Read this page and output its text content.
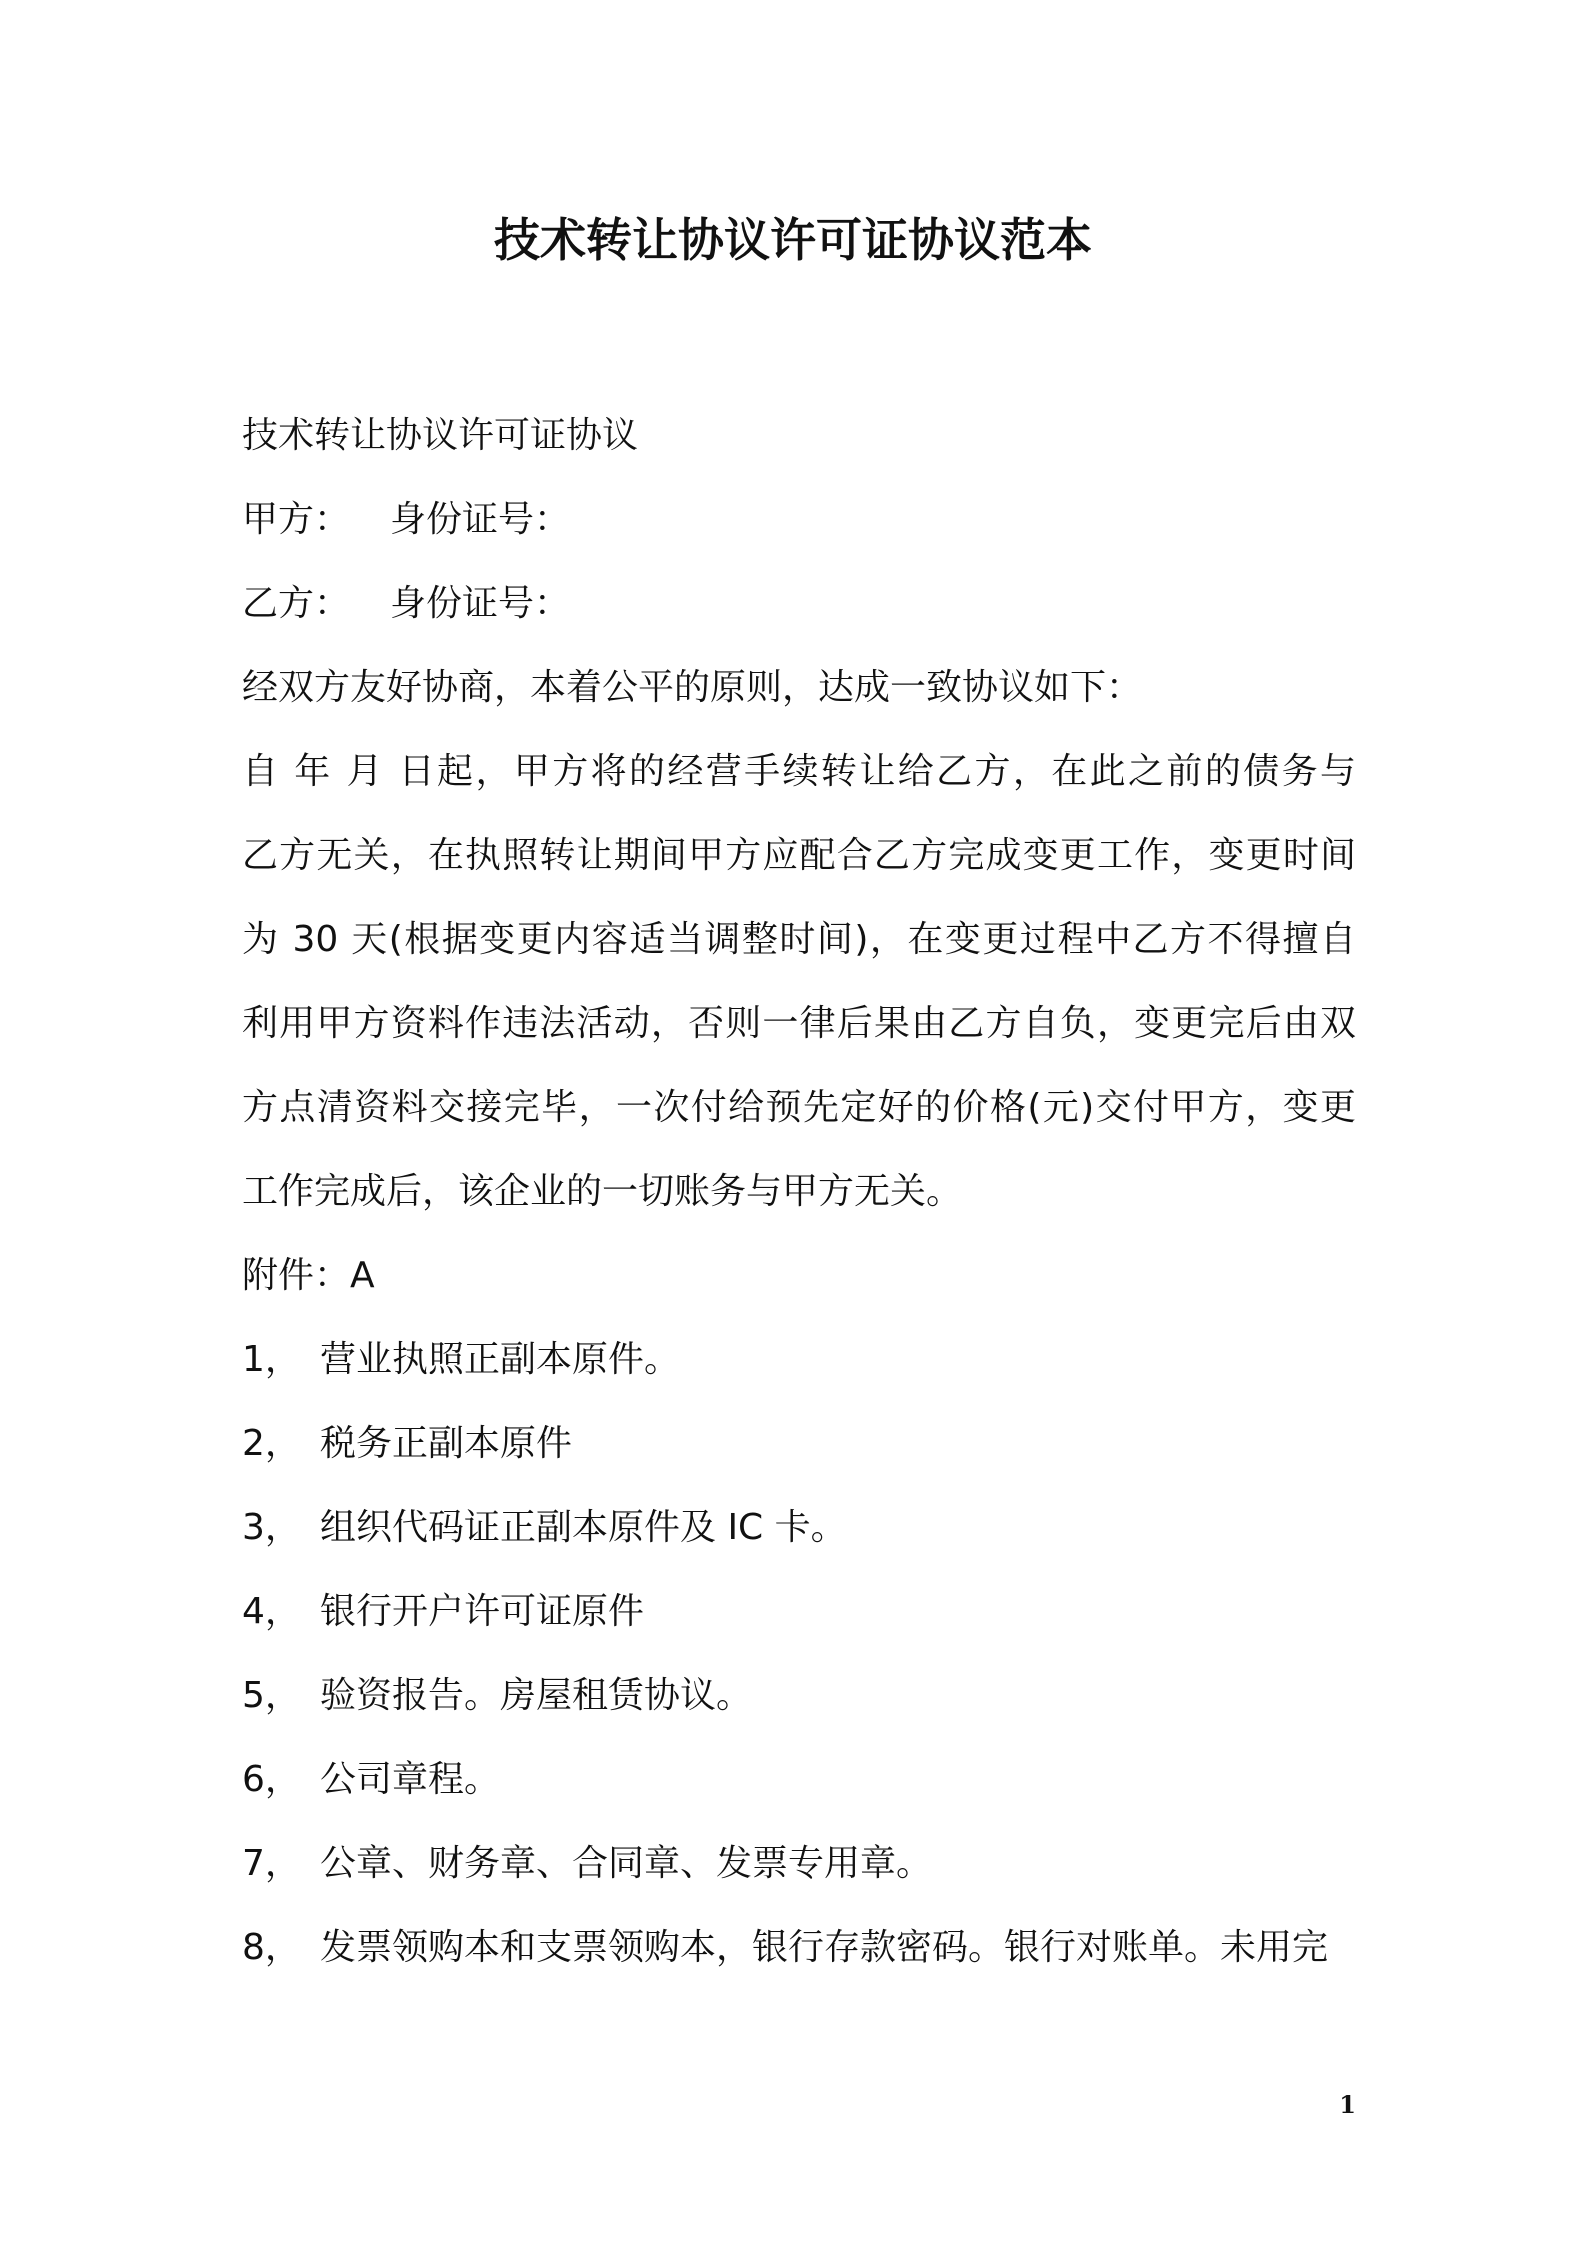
技术转让协议许可证协议范本

技术转让协议许可证协议

甲方： 身份证号：

乙方： 身份证号：

经双方友好协商，本着公平的原则，达成一致协议如下：

自 年 月 日起，甲方将的经营手续转让给乙方，在此之前的债务与

乙方无关，在执照转让期间甲方应配合乙方完成变更工作，变更时间

为 30 天(根据变更内容适当调整时间)，在变更过程中乙方不得擅自

利用甲方资料作违法活动，否则一律后果由乙方自负，变更完后由双

方点清资料交接完毕，一次付给预先定好的价格(元)交付甲方，变更

工作完成后，该企业的一切账务与甲方无关。

附件：A

1， 营业执照正副本原件。

2， 税务正副本原件

3， 组织代码证正副本原件及 IC 卡。

4， 银行开户许可证原件

5， 验资报告。房屋租赁协议。

6， 公司章程。

7， 公章、财务章、合同章、发票专用章。

8， 发票领购本和支票领购本，银行存款密码。银行对账单。未用完

1
